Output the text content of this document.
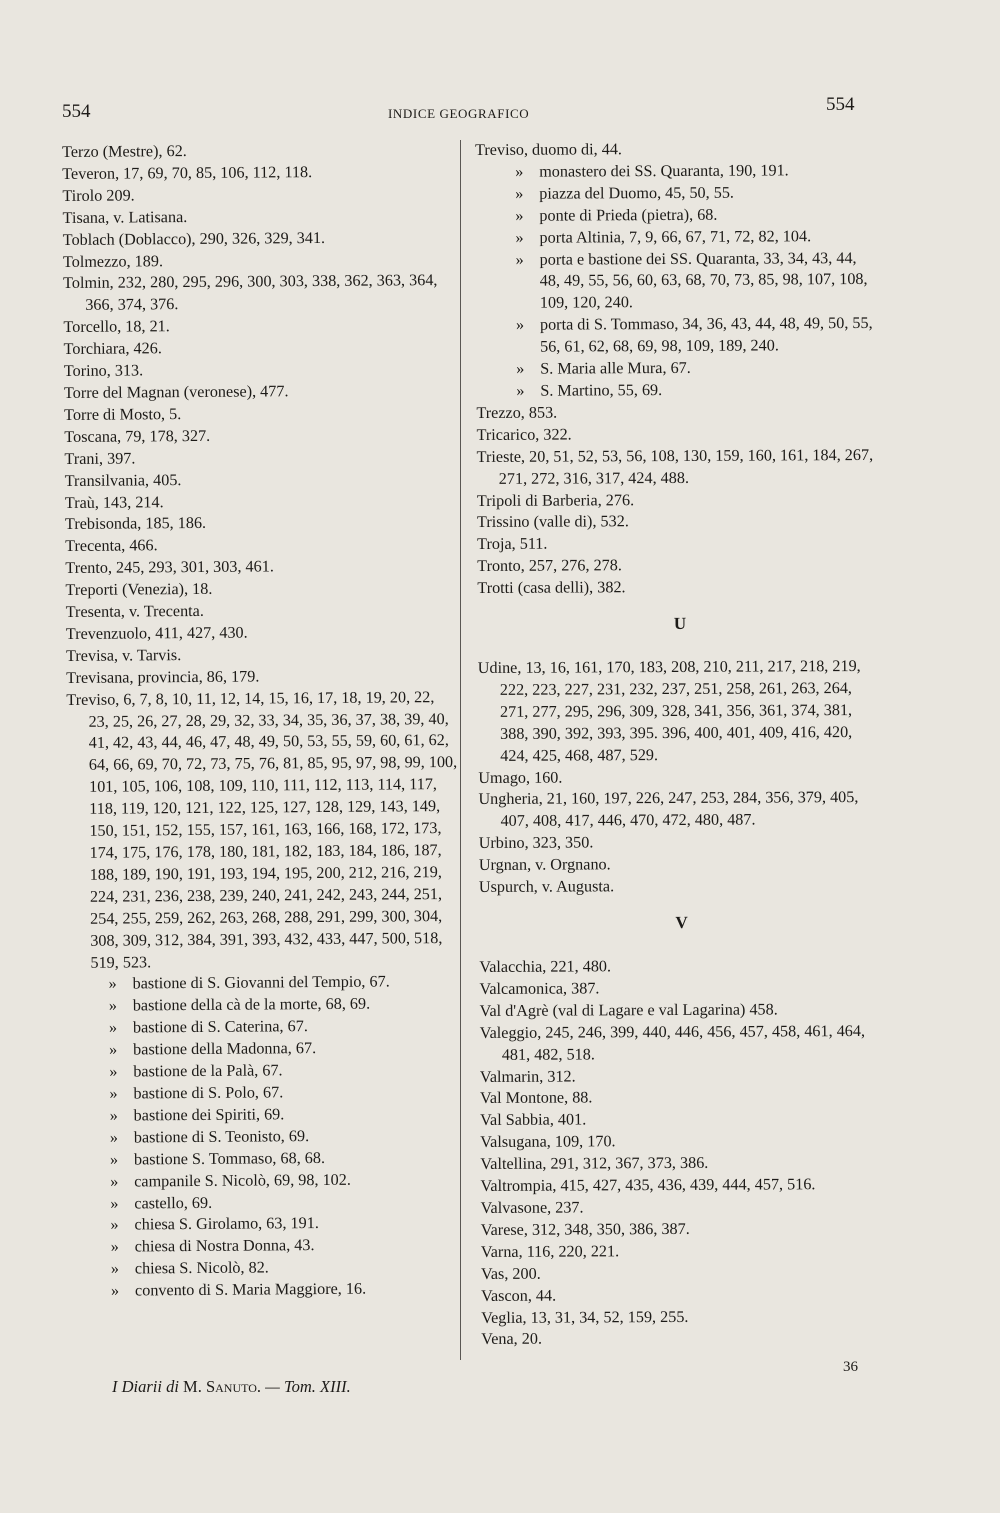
554	INDICE GEOGRAFICO	554
Terzo (Mestre), 62.
Teveron, 17, 69, 70, 85, 106, 112, 118.
Tirolo 209.
Tisana, v. Latisana.
Toblach (Doblacco), 290, 326, 329, 341.
Tolmezzo, 189.
Tolmin, 232, 280, 295, 296, 300, 303, 338, 362, 363, 364, 366, 374, 376.
Torcello, 18, 21.
Torchiara, 426.
Torino, 313.
Torre del Magnan (veronese), 477.
Torre di Mosto, 5.
Toscana, 79, 178, 327.
Trani, 397.
Transilvania, 405.
Traù, 143, 214.
Trebisonda, 185, 186.
Trecenta, 466.
Trento, 245, 293, 301, 303, 461.
Treporti (Venezia), 18.
Tresenta, v. Trecenta.
Trevenzuolo, 411, 427, 430.
Trevisa, v. Tarvis.
Trevisana, provincia, 86, 179.
Treviso, 6, 7, 8, 10, 11, 12, 14, 15, 16, 17, 18, 19, 20, 22, 23, 25, 26, 27, 28, 29, 32, 33, 34, 35, 36, 37, 38, 39, 40, 41, 42, 43, 44, 46, 47, 48, 49, 50, 53, 55, 59, 60, 61, 62, 64, 66, 69, 70, 72, 73, 75, 76, 81, 85, 95, 97, 98, 99, 100, 101, 105, 106, 108, 109, 110, 111, 112, 113, 114, 117, 118, 119, 120, 121, 122, 125, 127, 128, 129, 143, 149, 150, 151, 152, 155, 157, 161, 163, 166, 168, 172, 173, 174, 175, 176, 178, 180, 181, 182, 183, 184, 186, 187, 188, 189, 190, 191, 193, 194, 195, 200, 212, 216, 219, 224, 231, 236, 238, 239, 240, 241, 242, 243, 244, 251, 254, 255, 259, 262, 263, 268, 288, 291, 299, 300, 304, 308, 309, 312, 384, 391, 393, 432, 433, 447, 500, 518, 519, 523.
» bastione di S. Giovanni del Tempio, 67.
» bastione della cà de la morte, 68, 69.
» bastione di S. Caterina, 67.
» bastione della Madonna, 67.
» bastione de la Palà, 67.
» bastione di S. Polo, 67.
» bastione dei Spiriti, 69.
» bastione di S. Teonisto, 69.
» bastione S. Tommaso, 68, 68.
» campanile S. Nicolò, 69, 98, 102.
» castello, 69.
» chiesa S. Girolamo, 63, 191.
» chiesa di Nostra Donna, 43.
» chiesa S. Nicolò, 82.
» convento di S. Maria Maggiore, 16.
Treviso, duomo di, 44.
» monastero dei SS. Quaranta, 190, 191.
» piazza del Duomo, 45, 50, 55.
» ponte di Prieda (pietra), 68.
» porta Altinia, 7, 9, 66, 67, 71, 72, 82, 104.
» porta e bastione dei SS. Quaranta, 33, 34, 43, 44, 48, 49, 55, 56, 60, 63, 68, 70, 73, 85, 98, 107, 108, 109, 120, 240.
» porta di S. Tommaso, 34, 36, 43, 44, 48, 49, 50, 55, 56, 61, 62, 68, 69, 98, 109, 189, 240.
» S. Maria alle Mura, 67.
» S. Martino, 55, 69.
Trezzo, 853.
Tricarico, 322.
Trieste, 20, 51, 52, 53, 56, 108, 130, 159, 160, 161, 184, 267, 271, 272, 316, 317, 424, 488.
Tripoli di Barberia, 276.
Trissino (valle di), 532.
Troja, 511.
Tronto, 257, 276, 278.
Trotti (casa delli), 382.
U
Udine, 13, 16, 161, 170, 183, 208, 210, 211, 217, 218, 219, 222, 223, 227, 231, 232, 237, 251, 258, 261, 263, 264, 271, 277, 295, 296, 309, 328, 341, 356, 361, 374, 381, 388, 390, 392, 393, 395. 396, 400, 401, 409, 416, 420, 424, 425, 468, 487, 529.
Umago, 160.
Ungheria, 21, 160, 197, 226, 247, 253, 284, 356, 379, 405, 407, 408, 417, 446, 470, 472, 480, 487.
Urbino, 323, 350.
Urgnan, v. Orgnano.
Uspurch, v. Augusta.
V
Valacchia, 221, 480.
Valcamonica, 387.
Val d'Agrè (val di Lagare e val Lagarina) 458.
Valeggio, 245, 246, 399, 440, 446, 456, 457, 458, 461, 464, 481, 482, 518.
Valmarin, 312.
Val Montone, 88.
Val Sabbia, 401.
Valsugana, 109, 170.
Valtellina, 291, 312, 367, 373, 386.
Valtrompia, 415, 427, 435, 436, 439, 444, 457, 516.
Valvasone, 237.
Varese, 312, 348, 350, 386, 387.
Varna, 116, 220, 221.
Vas, 200.
Vascon, 44.
Veglia, 13, 31, 34, 52, 159, 255.
Vena, 20.
I Diarii di M. Sanuto. — Tom. XIII.
36
